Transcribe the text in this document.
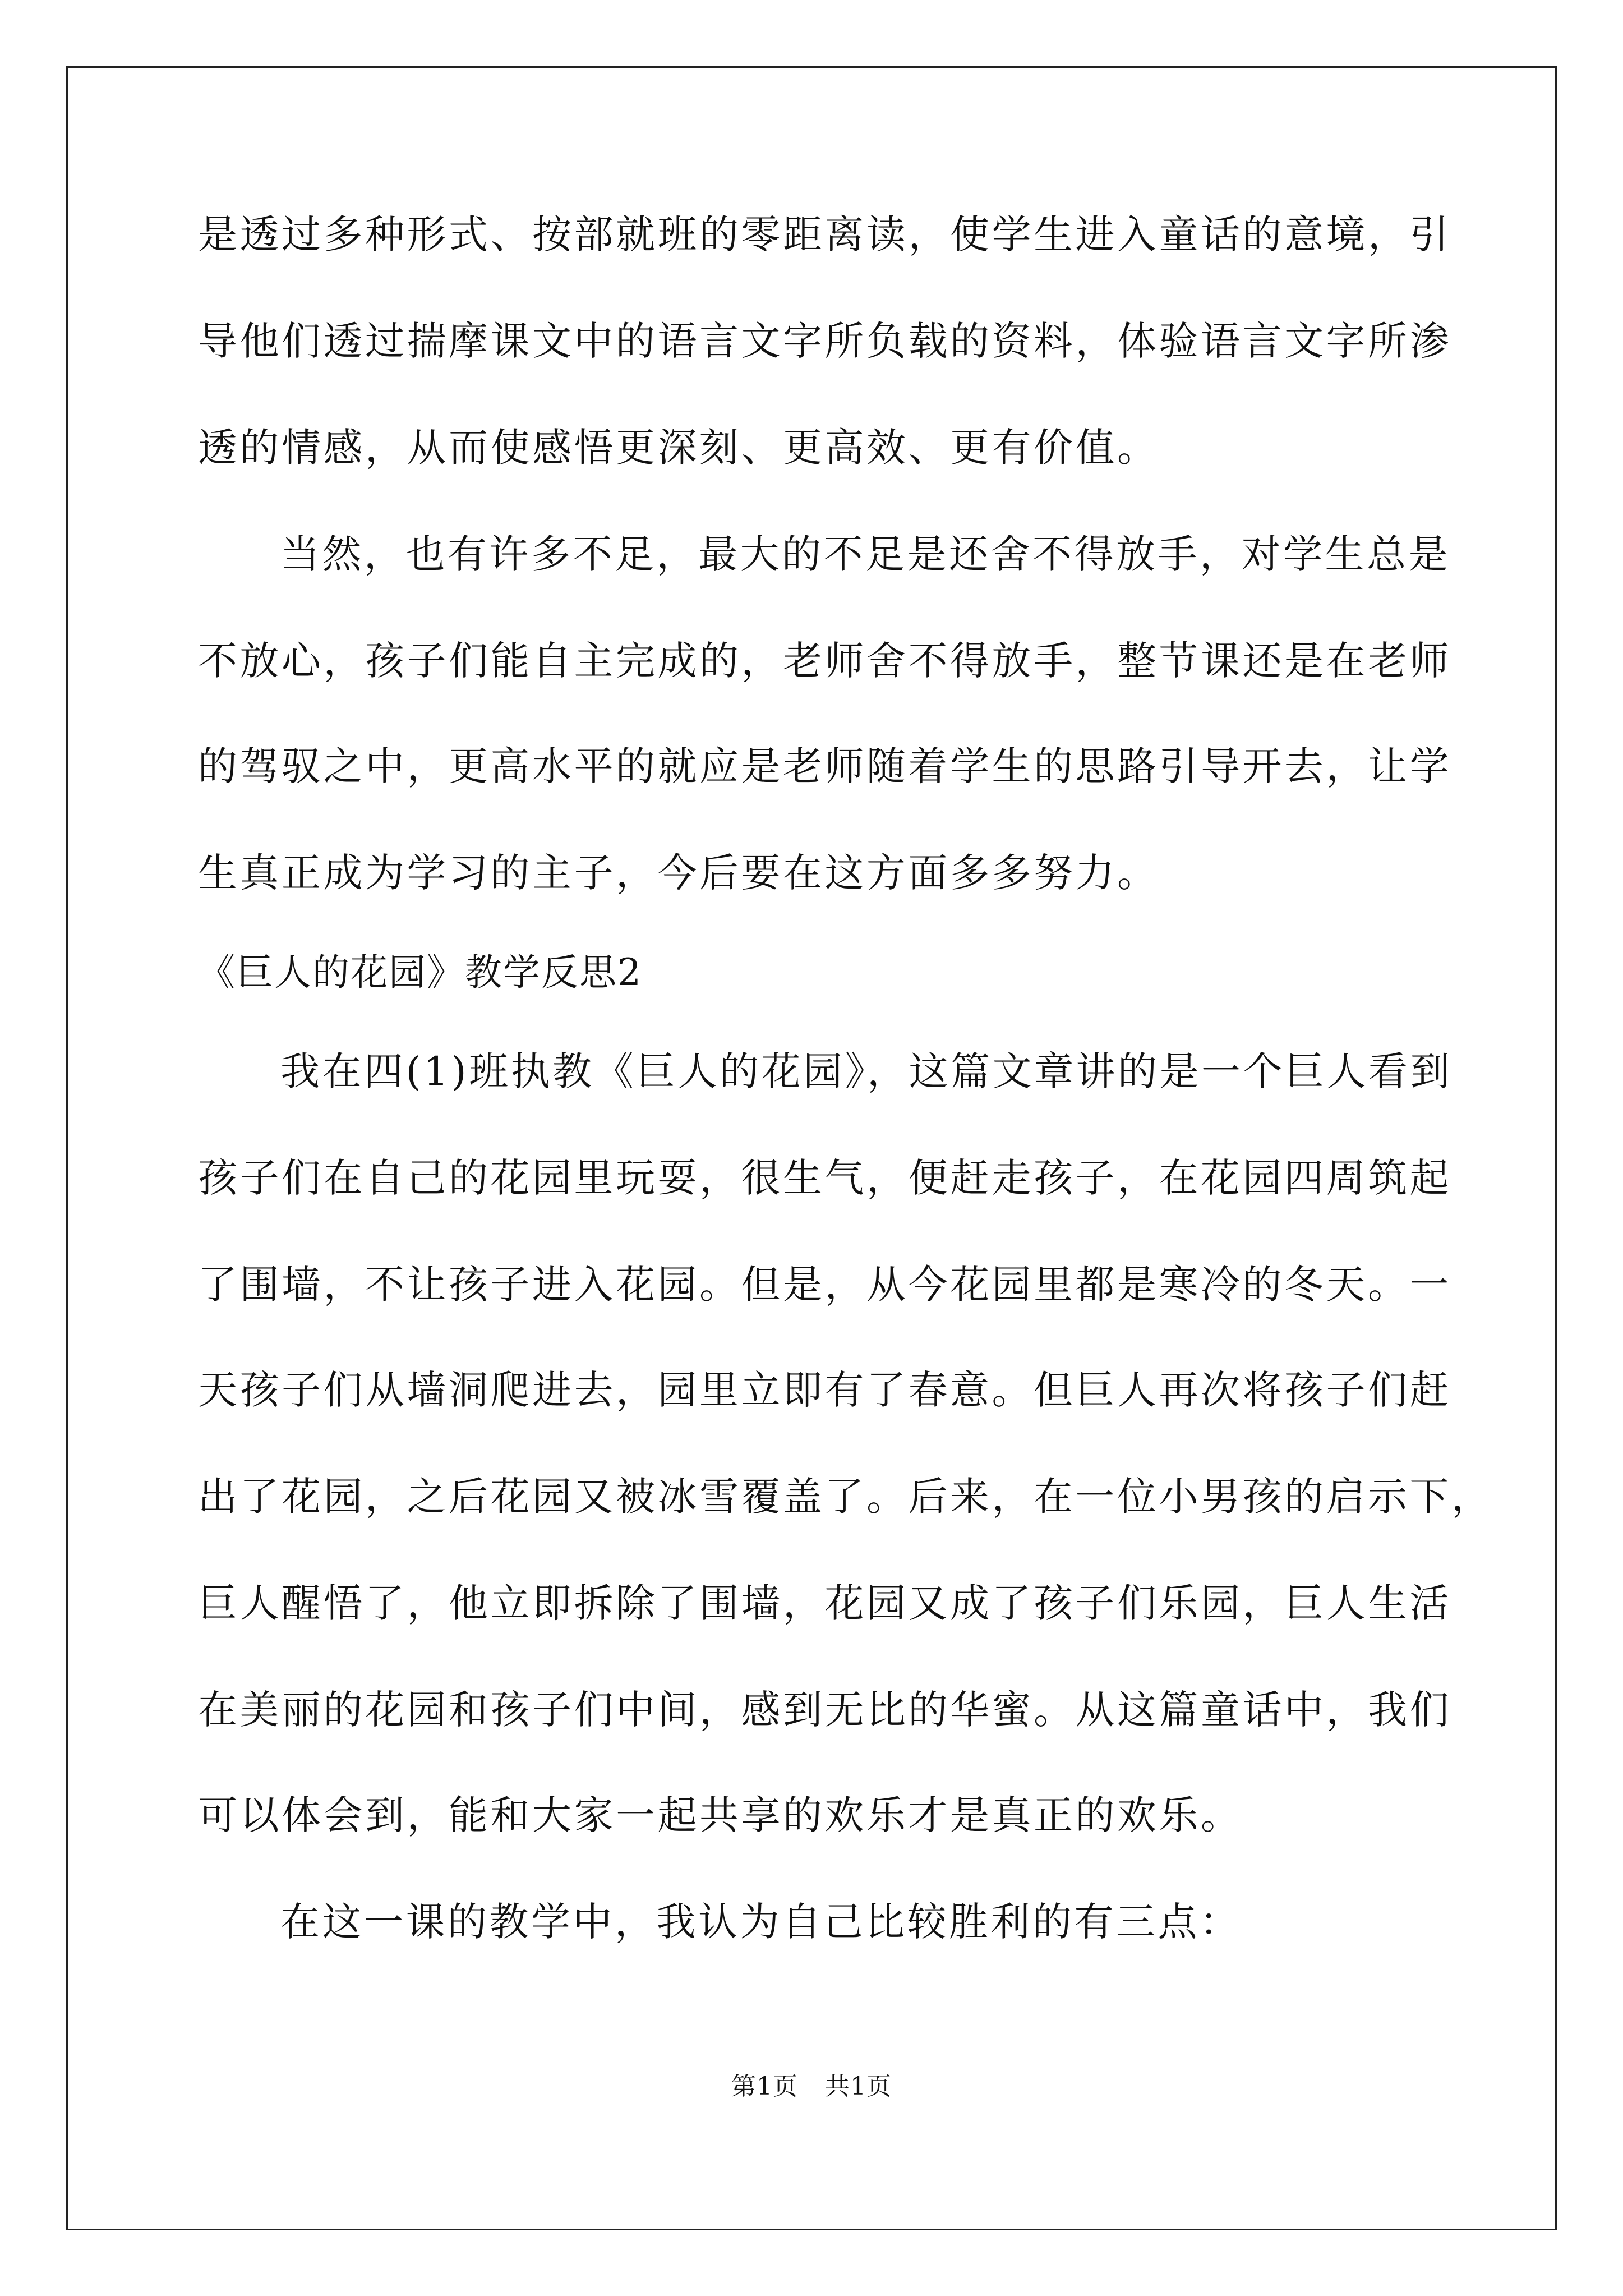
是透过多种形式、按部就班的零距离读，使学生进入童话的意境，引
导他们透过揣摩课文中的语言文字所负载的资料，体验语言文字所渗
透的情感，从而使感悟更深刻、更高效、更有价值。
当然，也有许多不足，最大的不足是还舍不得放手，对学生总是
不放心，孩子们能自主完成的，老师舍不得放手，整节课还是在老师
的驾驭之中，更高水平的就应是老师随着学生的思路引导开去，让学
生真正成为学习的主子，今后要在这方面多多努力。
《巨人的花园》教学反思2
我在四(1)班执教《巨人的花园》，这篇文章讲的是一个巨人看到
孩子们在自己的花园里玩耍，很生气，便赶走孩子，在花园四周筑起
了围墙，不让孩子进入花园。但是，从今花园里都是寒冷的冬天。一
天孩子们从墙洞爬进去，园里立即有了春意。但巨人再次将孩子们赶
出了花园，之后花园又被冰雪覆盖了。后来，在一位小男孩的启示下，
巨人醒悟了，他立即拆除了围墙，花园又成了孩子们乐园，巨人生活
在美丽的花园和孩子们中间，感到无比的华蜜。从这篇童话中，我们
可以体会到，能和大家一起共享的欢乐才是真正的欢乐。
在这一课的教学中，我认为自己比较胜利的有三点：
第1页 共1页
